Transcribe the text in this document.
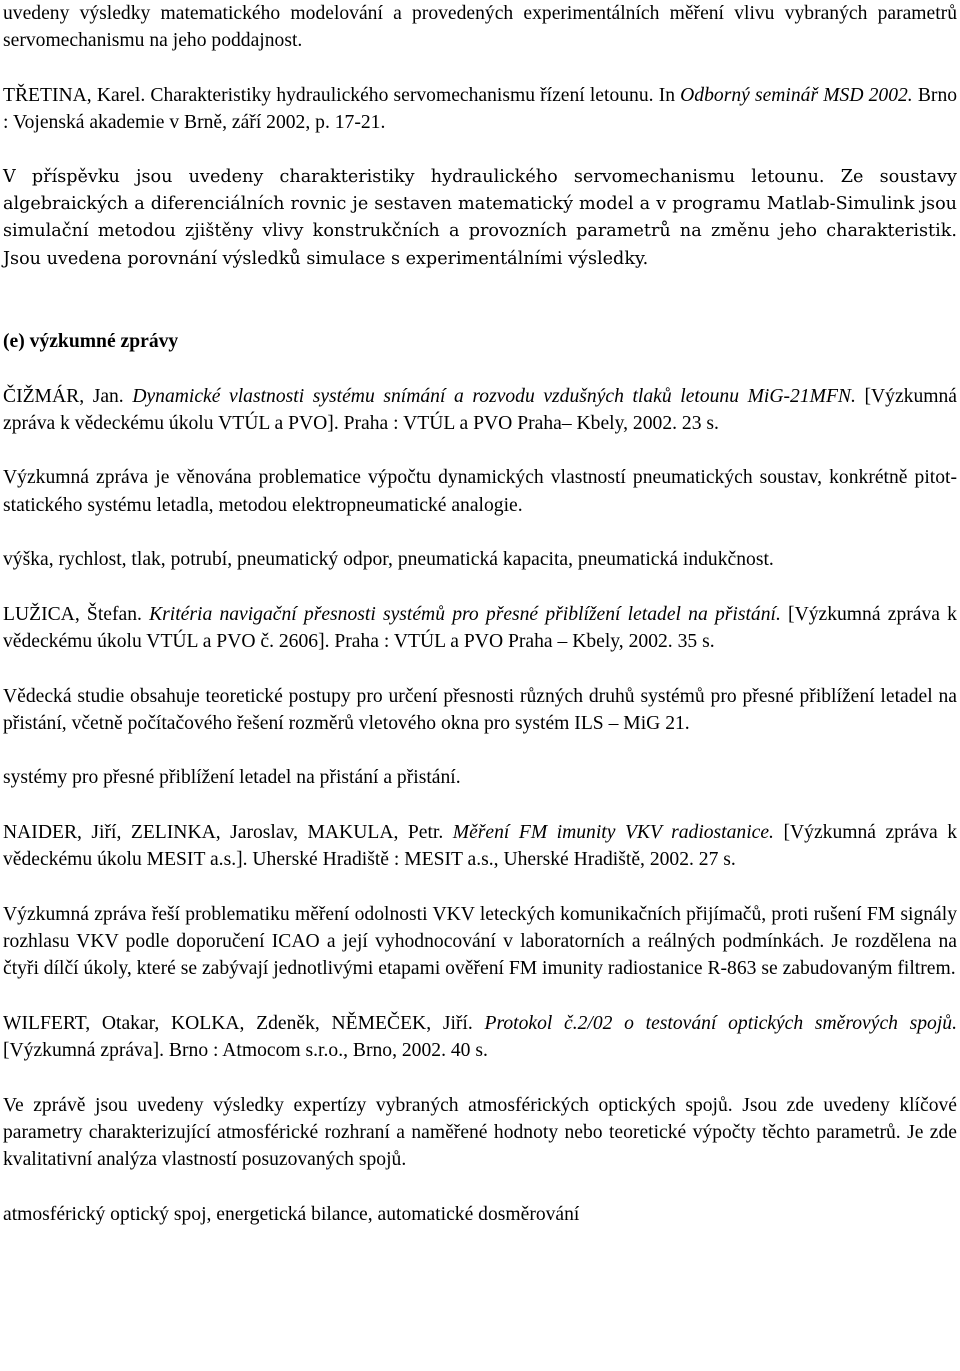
uvedeny výsledky matematického modelování a provedených experimentálních měření vlivu vybraných parametrů servomechanismu na jeho poddajnost.

TŘETINA, Karel. Charakteristiky hydraulického servomechanismu řízení letounu. In Odborný seminář MSD 2002. Brno : Vojenská akademie v Brně, září 2002, p. 17-21.

V příspěvku jsou uvedeny charakteristiky hydraulického servomechanismu letounu. Ze soustavy algebraických a diferenciálních rovnic je sestaven matematický model a v programu Matlab-Simulink jsou simulační metodou zjištěny vlivy konstrukčních a provozních parametrů na změnu jeho charakteristik. Jsou uvedena porovnání výsledků simulace s experimentálními výsledky.

(e) výzkumné zprávy

ČIŽMÁR, Jan. Dynamické vlastnosti systému snímání a rozvodu vzdušných tlaků letounu MiG-21MFN. [Výzkumná zpráva k vědeckému úkolu VTÚL a PVO]. Praha : VTÚL a PVO Praha– Kbely, 2002. 23 s.

Výzkumná zpráva je věnována problematice výpočtu dynamických vlastností pneumatických soustav, konkrétně pitot-statického systému letadla, metodou elektropneumatické analogie.

výška, rychlost, tlak, potrubí, pneumatický odpor, pneumatická kapacita, pneumatická indukčnost.

LUŽICA, Štefan. Kritéria navigační přesnosti systémů pro přesné přiblížení letadel na přistání. [Výzkumná zpráva k vědeckému úkolu VTÚL a PVO č. 2606]. Praha : VTÚL a PVO Praha – Kbely, 2002. 35 s.

Vědecká studie obsahuje teoretické postupy pro určení přesnosti různých druhů systémů pro přesné přiblížení letadel na přistání, včetně počítačového řešení rozměrů vletového okna pro systém ILS – MiG 21.

systémy pro přesné přiblížení letadel na přistání a přistání.

NAIDER, Jiří, ZELINKA, Jaroslav, MAKULA, Petr. Měření FM imunity VKV radiostanice. [Výzkumná zpráva k vědeckému úkolu MESIT a.s.]. Uherské Hradiště : MESIT a.s., Uherské Hradiště, 2002. 27 s.

Výzkumná zpráva řeší problematiku měření odolnosti VKV leteckých komunikačních přijímačů, proti rušení FM signály rozhlasu VKV podle doporučení ICAO a její vyhodnocování v laboratorních a reálných podmínkách. Je rozdělena na čtyři dílčí úkoly, které se zabývají jednotlivými etapami ověření FM imunity radiostanice R-863 se zabudovaným filtrem.

WILFERT, Otakar, KOLKA, Zdeněk, NĚMEČEK, Jiří. Protokol č.2/02 o testování optických směrových spojů. [Výzkumná zpráva]. Brno : Atmocom s.r.o., Brno, 2002. 40 s.

Ve zprávě jsou uvedeny výsledky expertízy vybraných atmosférických optických spojů. Jsou zde uvedeny klíčové parametry charakterizující atmosférické rozhraní a naměřené hodnoty nebo teoretické výpočty těchto parametrů. Je zde kvalitativní analýza vlastností posuzovaných spojů.

atmosférický optický spoj, energetická bilance, automatické dosměrování
